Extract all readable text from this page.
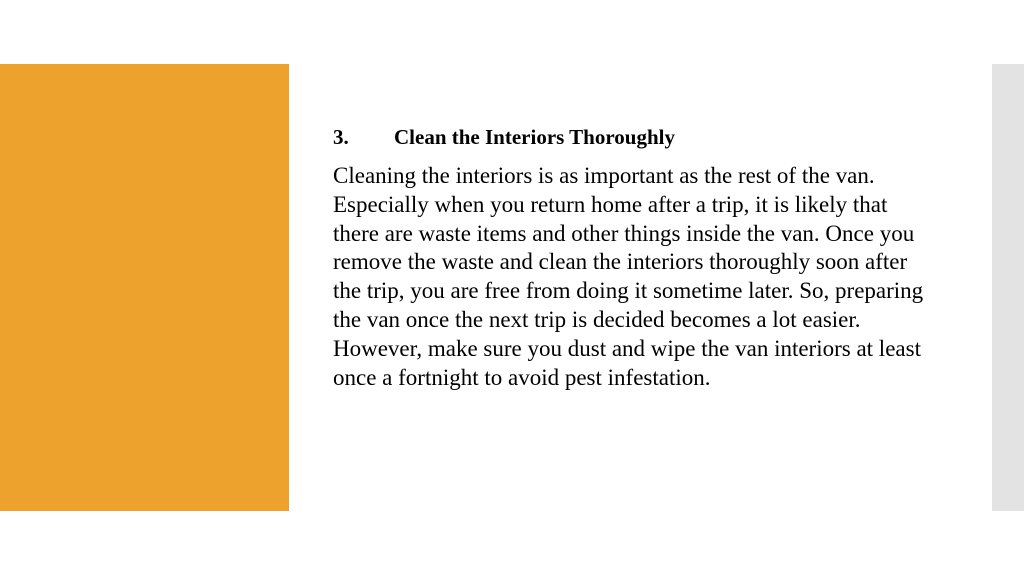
3.	Clean the Interiors Thoroughly

Cleaning the interiors is as important as the rest of the van. Especially when you return home after a trip, it is likely that there are waste items and other things inside the van. Once you remove the waste and clean the interiors thoroughly soon after the trip, you are free from doing it sometime later. So, preparing the van once the next trip is decided becomes a lot easier. However, make sure you dust and wipe the van interiors at least once a fortnight to avoid pest infestation.
